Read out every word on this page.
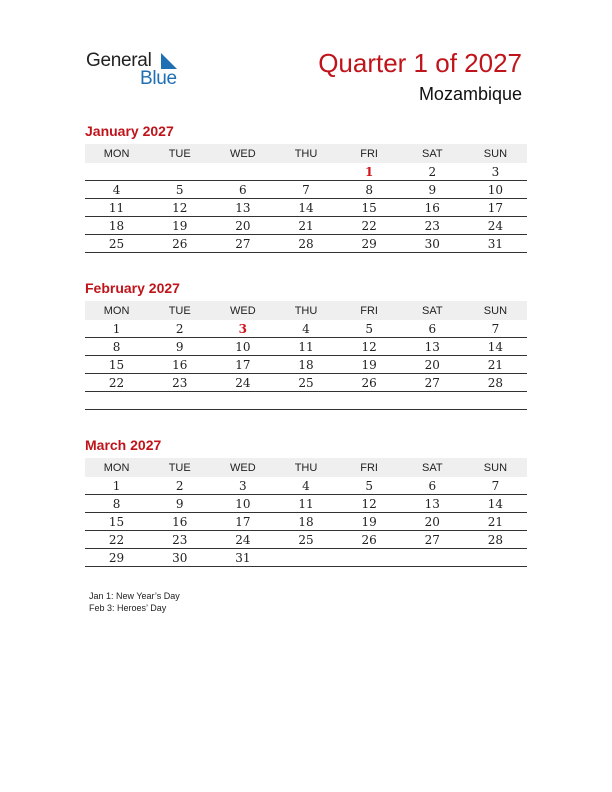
General
Blue
Quarter 1 of 2027
Mozambique
January 2027
MON	TUE	WED	THU	FRI	SAT	SUN
				1	2	3
4	5	6	7	8	9	10
11	12	13	14	15	16	17
18	19	20	21	22	23	24
25	26	27	28	29	30	31
February 2027
MON	TUE	WED	THU	FRI	SAT	SUN
1	2	3	4	5	6	7
8	9	10	11	12	13	14
15	16	17	18	19	20	21
22	23	24	25	26	27	28

March 2027
MON	TUE	WED	THU	FRI	SAT	SUN
1	2	3	4	5	6	7
8	9	10	11	12	13	14
15	16	17	18	19	20	21
22	23	24	25	26	27	28
29	30	31				
Jan 1: New Year’s Day
Feb 3: Heroes’ Day
